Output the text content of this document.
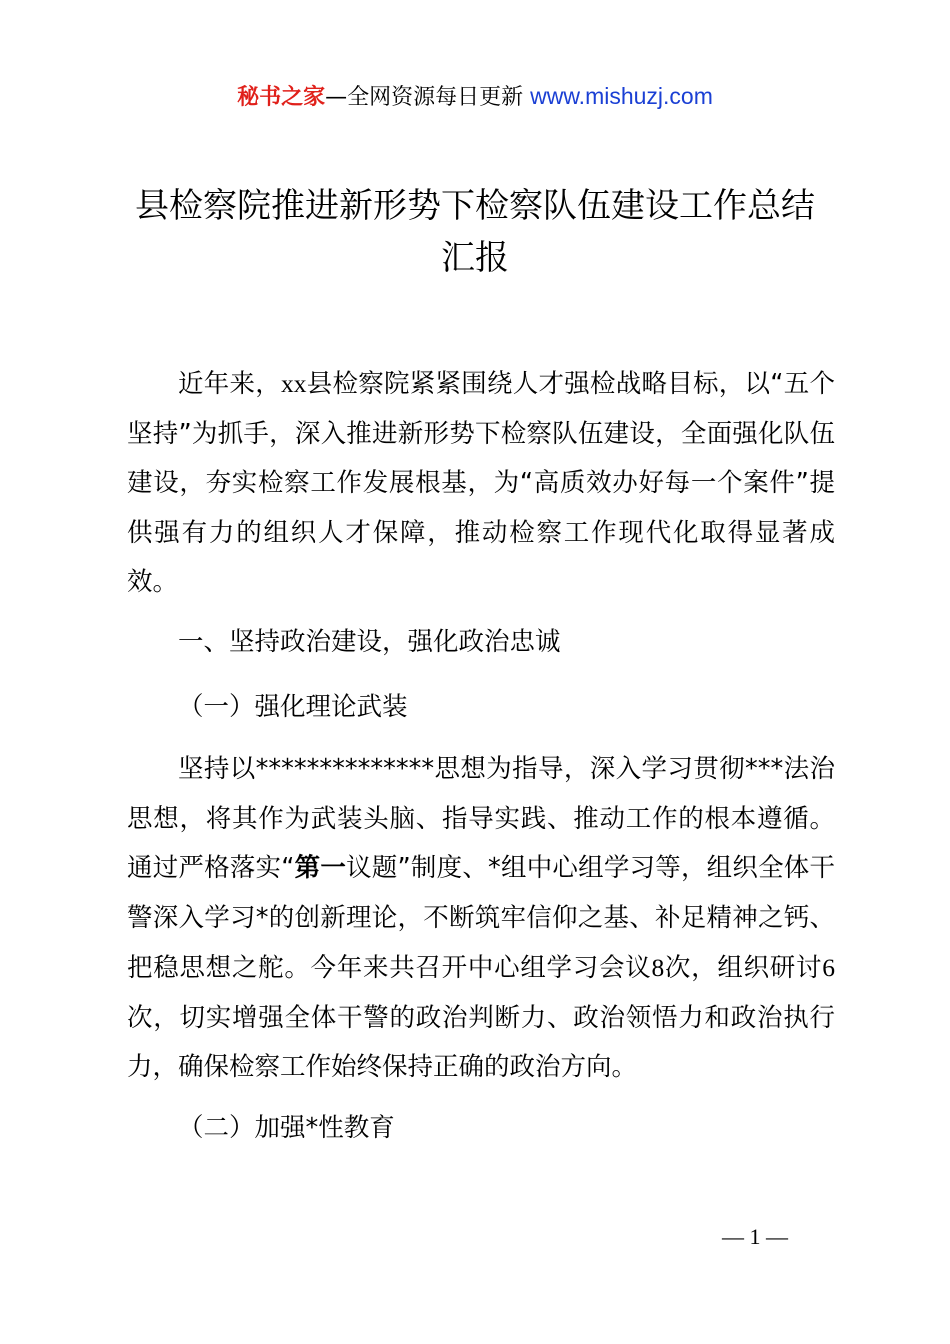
秘书之家—全网资源每日更新 www.mishuzj.com
县检察院推进新形势下检察队伍建设工作总结
汇报

近年来，xx县检察院紧紧围绕人才强检战略目标，以“五个坚持”为抓手，深入推进新形势下检察队伍建设，全面强化队伍建设，夯实检察工作发展根基，为“高质效办好每一个案件”提供强有力的组织人才保障，推动检察工作现代化取得显著成效。

一、坚持政治建设，强化政治忠诚

（一）强化理论武装

坚持以**************思想为指导，深入学习贯彻***法治思想，将其作为武装头脑、指导实践、推动工作的根本遵循。通过严格落实“第一议题”制度、*组中心组学习等，组织全体干警深入学习*的创新理论，不断筑牢信仰之基、补足精神之钙、把稳思想之舵。今年来共召开中心组学习会议8次，组织研讨6次，切实增强全体干警的政治判断力、政治领悟力和政治执行力，确保检察工作始终保持正确的政治方向。

（二）加强*性教育

— 1 —
